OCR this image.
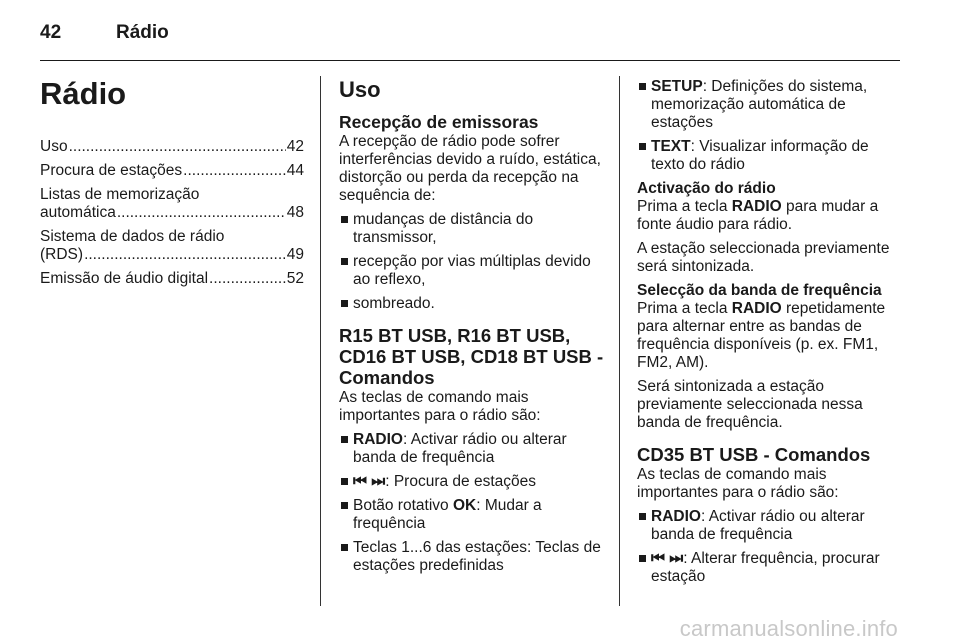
42	Rádio
Rádio
Uso .....	42
Procura de estações .....	44
Listas de memorização
automática .....	48
Sistema de dados de rádio
(RDS) .....	49
Emissão de áudio digital .....	52
Uso
Recepção de emissoras

A recepção de rádio pode sofrer interferências devido a ruído, estática, distorção ou perda da recepção na sequência de:

mudanças de distância do transmissor,
recepção por vias múltiplas devido ao reflexo,
sombreado.
R15 BT USB, R16 BT USB, CD16 BT USB, CD18 BT USB - Comandos

As teclas de comando mais importantes para o rádio são:

RADIO: Activar rádio ou alterar banda de frequência
⏮ ⏭: Procura de estações
Botão rotativo OK: Mudar a frequência
Teclas 1...6 das estações: Teclas de estações predefinidas
SETUP: Definições do sistema, memorização automática de estações
TEXT: Visualizar informação de texto do rádio
Activação do rádio

Prima a tecla RADIO para mudar a fonte áudio para rádio.

A estação seleccionada previamente será sintonizada.

Selecção da banda de frequência

Prima a tecla RADIO repetidamente para alternar entre as bandas de frequência disponíveis (p. ex. FM1, FM2, AM).

Será sintonizada a estação previamente seleccionada nessa banda de frequência.

CD35 BT USB - Comandos

As teclas de comando mais importantes para o rádio são:

RADIO: Activar rádio ou alterar banda de frequência
⏮ ⏭: Alterar frequência, procurar estação
carmanualsonline.info
